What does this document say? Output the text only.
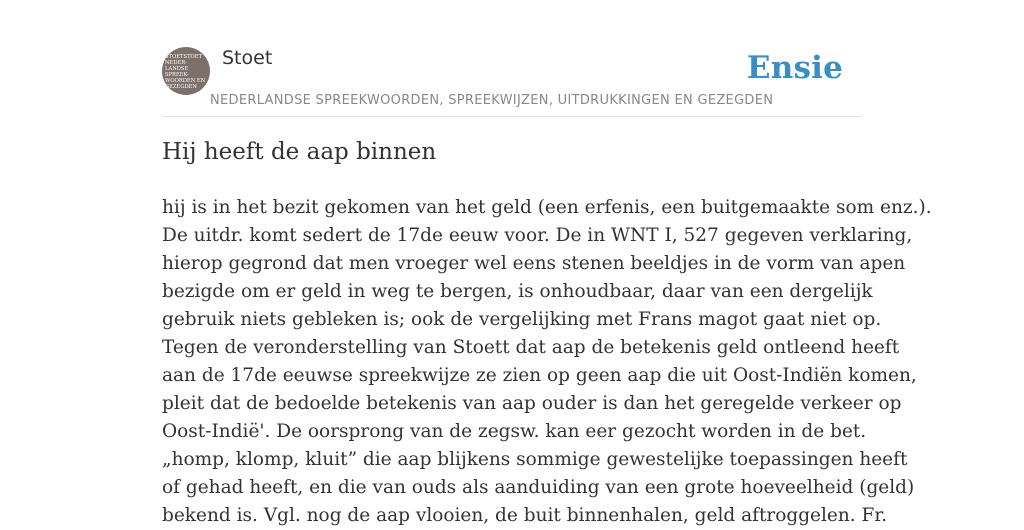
STOETSTOET
NEDER-
LANDSE
SPREEK-
WOORDEN EN
GEZEGDEN
Stoet
NEDERLANDSE SPREEKWOORDEN, SPREEKWIJZEN, UITDRUKKINGEN EN GEZEGDEN
Ensie
Hij heeft de aap binnen
hij is in het bezit gekomen van het geld (een erfenis, een buitgemaakte som enz.).
De uitdr. komt sedert de 17de eeuw voor. De in WNT I, 527 gegeven verklaring,
hierop gegrond dat men vroeger wel eens stenen beeldjes in de vorm van apen
bezigde om er geld in weg te bergen, is onhoudbaar, daar van een dergelijk
gebruik niets gebleken is; ook de vergelijking met Frans magot gaat niet op.
Tegen de veronderstelling van Stoett dat aap de betekenis geld ontleend heeft
aan de 17de eeuwse spreekwijze ze zien op geen aap die uit Oost-Indiën komen,
pleit dat de bedoelde betekenis van aap ouder is dan het geregelde verkeer op
Oost-Indië'. De oorsprong van de zegsw. kan eer gezocht worden in de bet.
„homp, klomp, kluit” die aap blijkens sommige gewestelijke toepassingen heeft
of gehad heeft, en die van ouds als aanduiding van een grote hoeveelheid (geld)
bekend is. Vgl. nog de aap vlooien, de buit binnenhalen, geld aftroggelen. Fr.
